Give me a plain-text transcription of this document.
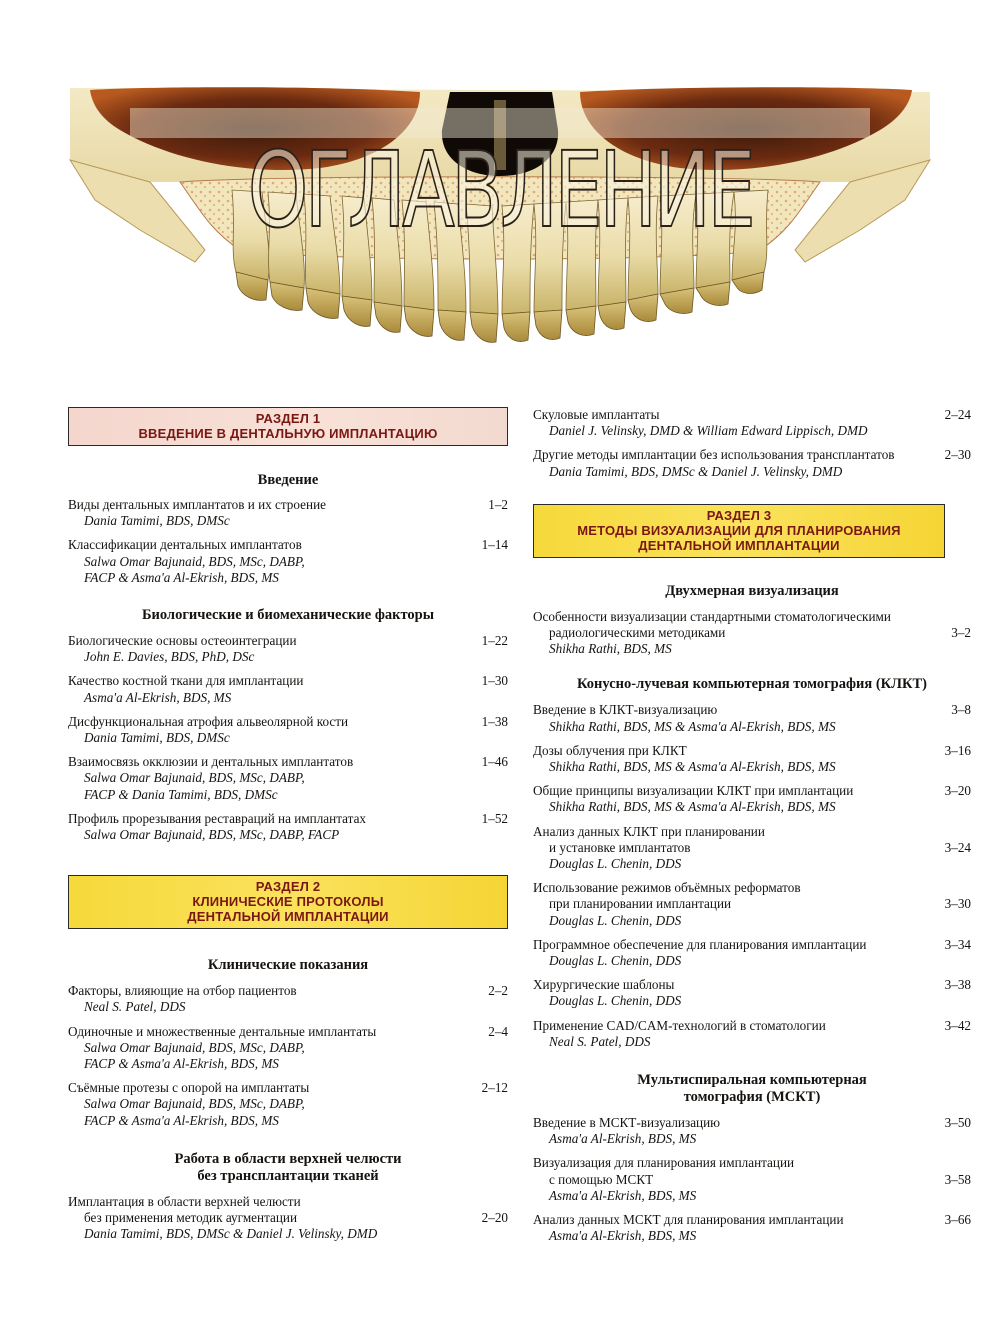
ОГЛАВЛЕНИЕ
РАЗДЕЛ 1
ВВЕДЕНИЕ В ДЕНТАЛЬНУЮ ИМПЛАНТАЦИЮ
Введение
Виды дентальных имплантатов и их строение
Dania Tamimi, BDS, DMSc
1–2
Классификации дентальных имплантатов
Salwa Omar Bajunaid, BDS, MSc, DABP,
FACP & Asma'a Al-Ekrish, BDS, MS
1–14
Биологические и биомеханические факторы
Биологические основы остеоинтеграции
John E. Davies, BDS, PhD, DSc
1–22
Качество костной ткани для имплантации
Asma'a Al-Ekrish, BDS, MS
1–30
Дисфункциональная атрофия альвеолярной кости
Dania Tamimi, BDS, DMSc
1–38
Взаимосвязь окклюзии и дентальных имплантатов
Salwa Omar Bajunaid, BDS, MSc, DABP,
FACP & Dania Tamimi, BDS, DMSc
1–46
Профиль прорезывания реставраций на имплантатах
Salwa Omar Bajunaid, BDS, MSc, DABP, FACP
1–52
РАЗДЕЛ 2
КЛИНИЧЕСКИЕ ПРОТОКОЛЫ
ДЕНТАЛЬНОЙ ИМПЛАНТАЦИИ
Клинические показания
Факторы, влияющие на отбор пациентов
Neal S. Patel, DDS
2–2
Одиночные и множественные дентальные имплантаты
Salwa Omar Bajunaid, BDS, MSc, DABP,
FACP & Asma'a Al-Ekrish, BDS, MS
2–4
Съёмные протезы с опорой на имплантаты
Salwa Omar Bajunaid, BDS, MSc, DABP,
FACP & Asma'a Al-Ekrish, BDS, MS
2–12
Работа в области верхней челюсти
без трансплантации тканей
Имплантация в области верхней челюсти
без применения методик аугментации
Dania Tamimi, BDS, DMSc & Daniel J. Velinsky, DMD
2–20
Скуловые имплантаты
Daniel J. Velinsky, DMD & William Edward Lippisch, DMD
2–24
Другие методы имплантации без использования трансплантатов
Dania Tamimi, BDS, DMSc & Daniel J. Velinsky, DMD
2–30
РАЗДЕЛ 3
МЕТОДЫ ВИЗУАЛИЗАЦИИ ДЛЯ ПЛАНИРОВАНИЯ
ДЕНТАЛЬНОЙ ИМПЛАНТАЦИИ
Двухмерная визуализация
Особенности визуализации стандартными стоматологическими
радиологическими методиками
Shikha Rathi, BDS, MS
3–2
Конусно-лучевая компьютерная томография (КЛКТ)
Введение в КЛКТ-визуализацию
Shikha Rathi, BDS, MS & Asma'a Al-Ekrish, BDS, MS
3–8
Дозы облучения при КЛКТ
Shikha Rathi, BDS, MS & Asma'a Al-Ekrish, BDS, MS
3–16
Общие принципы визуализации КЛКТ при имплантации
Shikha Rathi, BDS, MS & Asma'a Al-Ekrish, BDS, MS
3–20
Анализ данных КЛКТ при планировании
и установке имплантатов
Douglas L. Chenin, DDS
3–24
Использование режимов объёмных реформатов
при планировании имплантации
Douglas L. Chenin, DDS
3–30
Программное обеспечение для планирования имплантации
Douglas L. Chenin, DDS
3–34
Хирургические шаблоны
Douglas L. Chenin, DDS
3–38
Применение CAD/CAM-технологий в стоматологии
Neal S. Patel, DDS
3–42
Мультиспиральная компьютерная
томография (МСКТ)
Введение в МСКТ-визуализацию
Asma'a Al-Ekrish, BDS, MS
3–50
Визуализация для планирования имплантации
с помощью МСКТ
Asma'a Al-Ekrish, BDS, MS
3–58
Анализ данных МСКТ для планирования имплантации
Asma'a Al-Ekrish, BDS, MS
3–66
